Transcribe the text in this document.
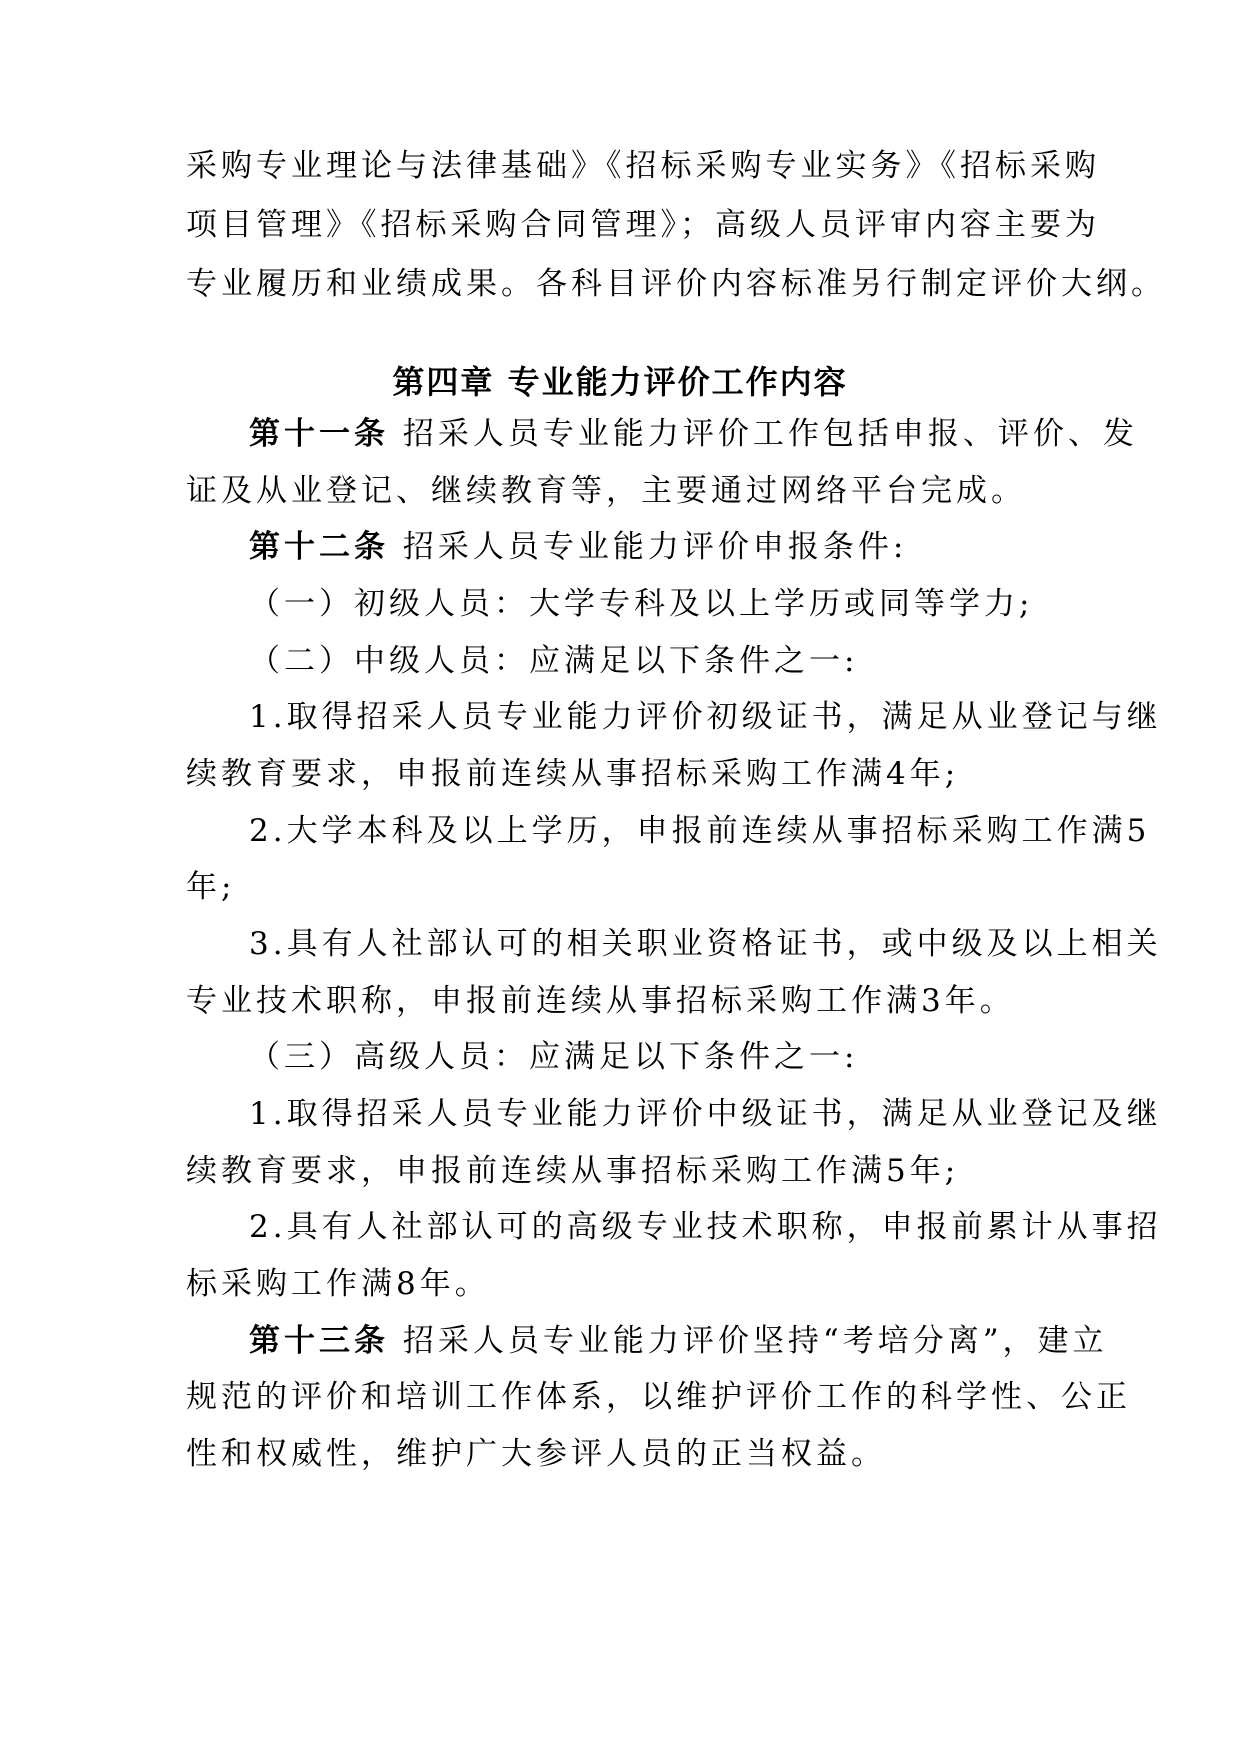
采购专业理论与法律基础》《招标采购专业实务》《招标采购
项目管理》《招标采购合同管理》；高级人员评审内容主要为
专业履历和业绩成果。各科目评价内容标准另行制定评价大纲。
第四章 专业能力评价工作内容
第十一条 招采人员专业能力评价工作包括申报、评价、发
证及从业登记、继续教育等，主要通过网络平台完成。
第十二条 招采人员专业能力评价申报条件:
（一）初级人员：大学专科及以上学历或同等学力;
（二）中级人员：应满足以下条件之一:
1.取得招采人员专业能力评价初级证书，满足从业登记与继
续教育要求，申报前连续从事招标采购工作满4年;
2.大学本科及以上学历，申报前连续从事招标采购工作满5
年;
3.具有人社部认可的相关职业资格证书，或中级及以上相关
专业技术职称，申报前连续从事招标采购工作满3年。
（三）高级人员：应满足以下条件之一:
1.取得招采人员专业能力评价中级证书，满足从业登记及继
续教育要求，申报前连续从事招标采购工作满5年;
2.具有人社部认可的高级专业技术职称，申报前累计从事招
标采购工作满8年。
第十三条 招采人员专业能力评价坚持“考培分离”，建立
规范的评价和培训工作体系，以维护评价工作的科学性、公正
性和权威性，维护广大参评人员的正当权益。
